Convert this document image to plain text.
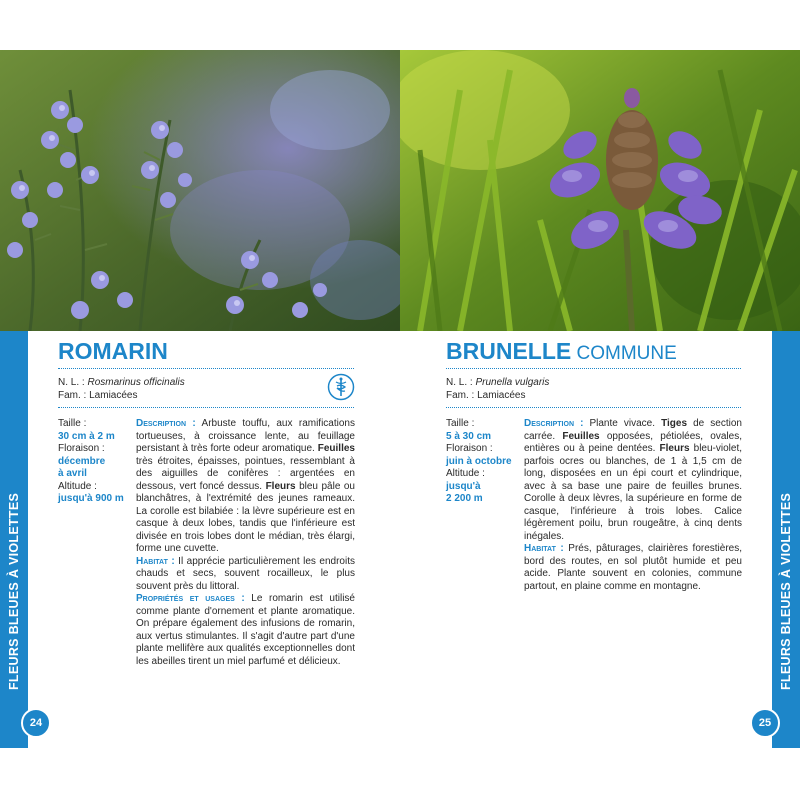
FLEURS BLEUES À VIOLETTES	FLEURS BLEUES À VIOLETTES
24	25
ROMARIN
N. L. : Rosmarinus officinalis
Fam. : Lamiacées
Taille :
30 cm à 2 m
Floraison :
décembre
à avril
Altitude :
jusqu'à 900 m

Description : Arbuste touffu, aux ramifications tortueuses, à croissance lente, au feuillage persistant à très forte odeur aromatique. Feuilles très étroites, épaisses, pointues, ressemblant à des aiguilles de conifères : argentées en dessous, vert foncé dessus. Fleurs bleu pâle ou blanchâtres, à l'extrémité des jeunes rameaux. La corolle est bilabiée : la lèvre supérieure est en casque à deux lobes, tandis que l'inférieure est divisée en trois lobes dont le médian, très élargi, forme une cuvette.

Habitat : Il apprécie particulièrement les endroits chauds et secs, souvent rocailleux, le plus souvent près du littoral.

Propriétés et usages : Le romarin est utilisé comme plante d'ornement et plante aromatique. On prépare également des infusions de romarin, aux vertus stimulantes. Il s'agit d'autre part d'une plante mellifère aux qualités exceptionnelles dont les abeilles tirent un miel parfumé et délicieux.

BRUNELLE COMMUNE
N. L. : Prunella vulgaris
Fam. : Lamiacées
Taille :
5 à 30 cm
Floraison :
juin à octobre
Altitude :
jusqu'à
2 200 m

Description : Plante vivace. Tiges de section carrée. Feuilles opposées, pétiolées, ovales, entières ou à peine dentées. Fleurs bleu-violet, parfois ocres ou blanches, de 1 à 1,5 cm de long, disposées en un épi court et cylindrique, avec à sa base une paire de feuilles brunes. Corolle à deux lèvres, la supérieure en forme de casque, l'inférieure à trois lobes. Calice légèrement poilu, brun rougeâtre, à cinq dents inégales.

Habitat : Prés, pâturages, clairières forestières, bord des routes, en sol plutôt humide et peu acide. Plante souvent en colonies, commune partout, en plaine comme en montagne.
